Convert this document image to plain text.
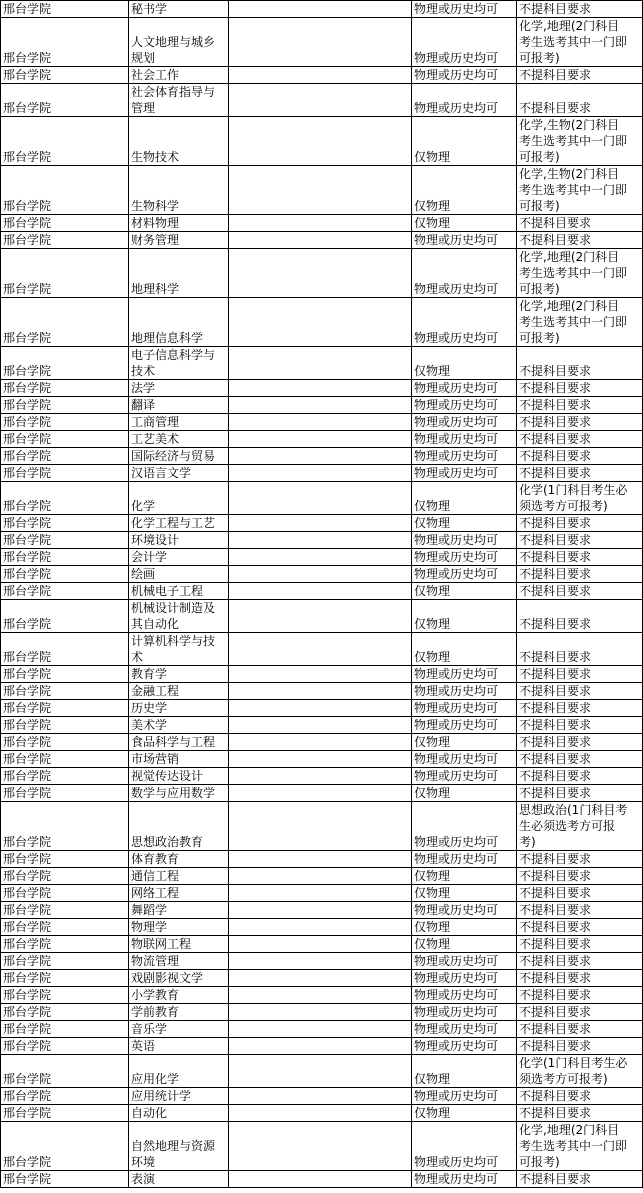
邢台学院	秘书学		物理或历史均可	不提科目要求
邢台学院	人文地理与城乡
规划		物理或历史均可	化学,地理(2门科目
考生选考其中一门即
可报考)
邢台学院	社会工作		物理或历史均可	不提科目要求
邢台学院	社会体育指导与
管理		物理或历史均可	不提科目要求
邢台学院	生物技术		仅物理	化学,生物(2门科目
考生选考其中一门即
可报考)
邢台学院	生物科学		仅物理	化学,生物(2门科目
考生选考其中一门即
可报考)
邢台学院	材料物理		仅物理	不提科目要求
邢台学院	财务管理		物理或历史均可	不提科目要求
邢台学院	地理科学		物理或历史均可	化学,地理(2门科目
考生选考其中一门即
可报考)
邢台学院	地理信息科学		物理或历史均可	化学,地理(2门科目
考生选考其中一门即
可报考)
邢台学院	电子信息科学与
技术		仅物理	不提科目要求
邢台学院	法学		物理或历史均可	不提科目要求
邢台学院	翻译		物理或历史均可	不提科目要求
邢台学院	工商管理		物理或历史均可	不提科目要求
邢台学院	工艺美术		物理或历史均可	不提科目要求
邢台学院	国际经济与贸易		物理或历史均可	不提科目要求
邢台学院	汉语言文学		物理或历史均可	不提科目要求
邢台学院	化学		仅物理	化学(1门科目考生必
须选考方可报考)
邢台学院	化学工程与工艺		仅物理	不提科目要求
邢台学院	环境设计		物理或历史均可	不提科目要求
邢台学院	会计学		物理或历史均可	不提科目要求
邢台学院	绘画		物理或历史均可	不提科目要求
邢台学院	机械电子工程		仅物理	不提科目要求
邢台学院	机械设计制造及
其自动化		仅物理	不提科目要求
邢台学院	计算机科学与技
术		仅物理	不提科目要求
邢台学院	教育学		物理或历史均可	不提科目要求
邢台学院	金融工程		物理或历史均可	不提科目要求
邢台学院	历史学		物理或历史均可	不提科目要求
邢台学院	美术学		物理或历史均可	不提科目要求
邢台学院	食品科学与工程		仅物理	不提科目要求
邢台学院	市场营销		物理或历史均可	不提科目要求
邢台学院	视觉传达设计		物理或历史均可	不提科目要求
邢台学院	数学与应用数学		仅物理	不提科目要求
邢台学院	思想政治教育		物理或历史均可	思想政治(1门科目考
生必须选考方可报
考)
邢台学院	体育教育		物理或历史均可	不提科目要求
邢台学院	通信工程		仅物理	不提科目要求
邢台学院	网络工程		仅物理	不提科目要求
邢台学院	舞蹈学		物理或历史均可	不提科目要求
邢台学院	物理学		仅物理	不提科目要求
邢台学院	物联网工程		仅物理	不提科目要求
邢台学院	物流管理		物理或历史均可	不提科目要求
邢台学院	戏剧影视文学		物理或历史均可	不提科目要求
邢台学院	小学教育		物理或历史均可	不提科目要求
邢台学院	学前教育		物理或历史均可	不提科目要求
邢台学院	音乐学		物理或历史均可	不提科目要求
邢台学院	英语		物理或历史均可	不提科目要求
邢台学院	应用化学		仅物理	化学(1门科目考生必
须选考方可报考)
邢台学院	应用统计学		物理或历史均可	不提科目要求
邢台学院	自动化		仅物理	不提科目要求
邢台学院	自然地理与资源
环境		物理或历史均可	化学,地理(2门科目
考生选考其中一门即
可报考)
邢台学院	表演		物理或历史均可	不提科目要求
